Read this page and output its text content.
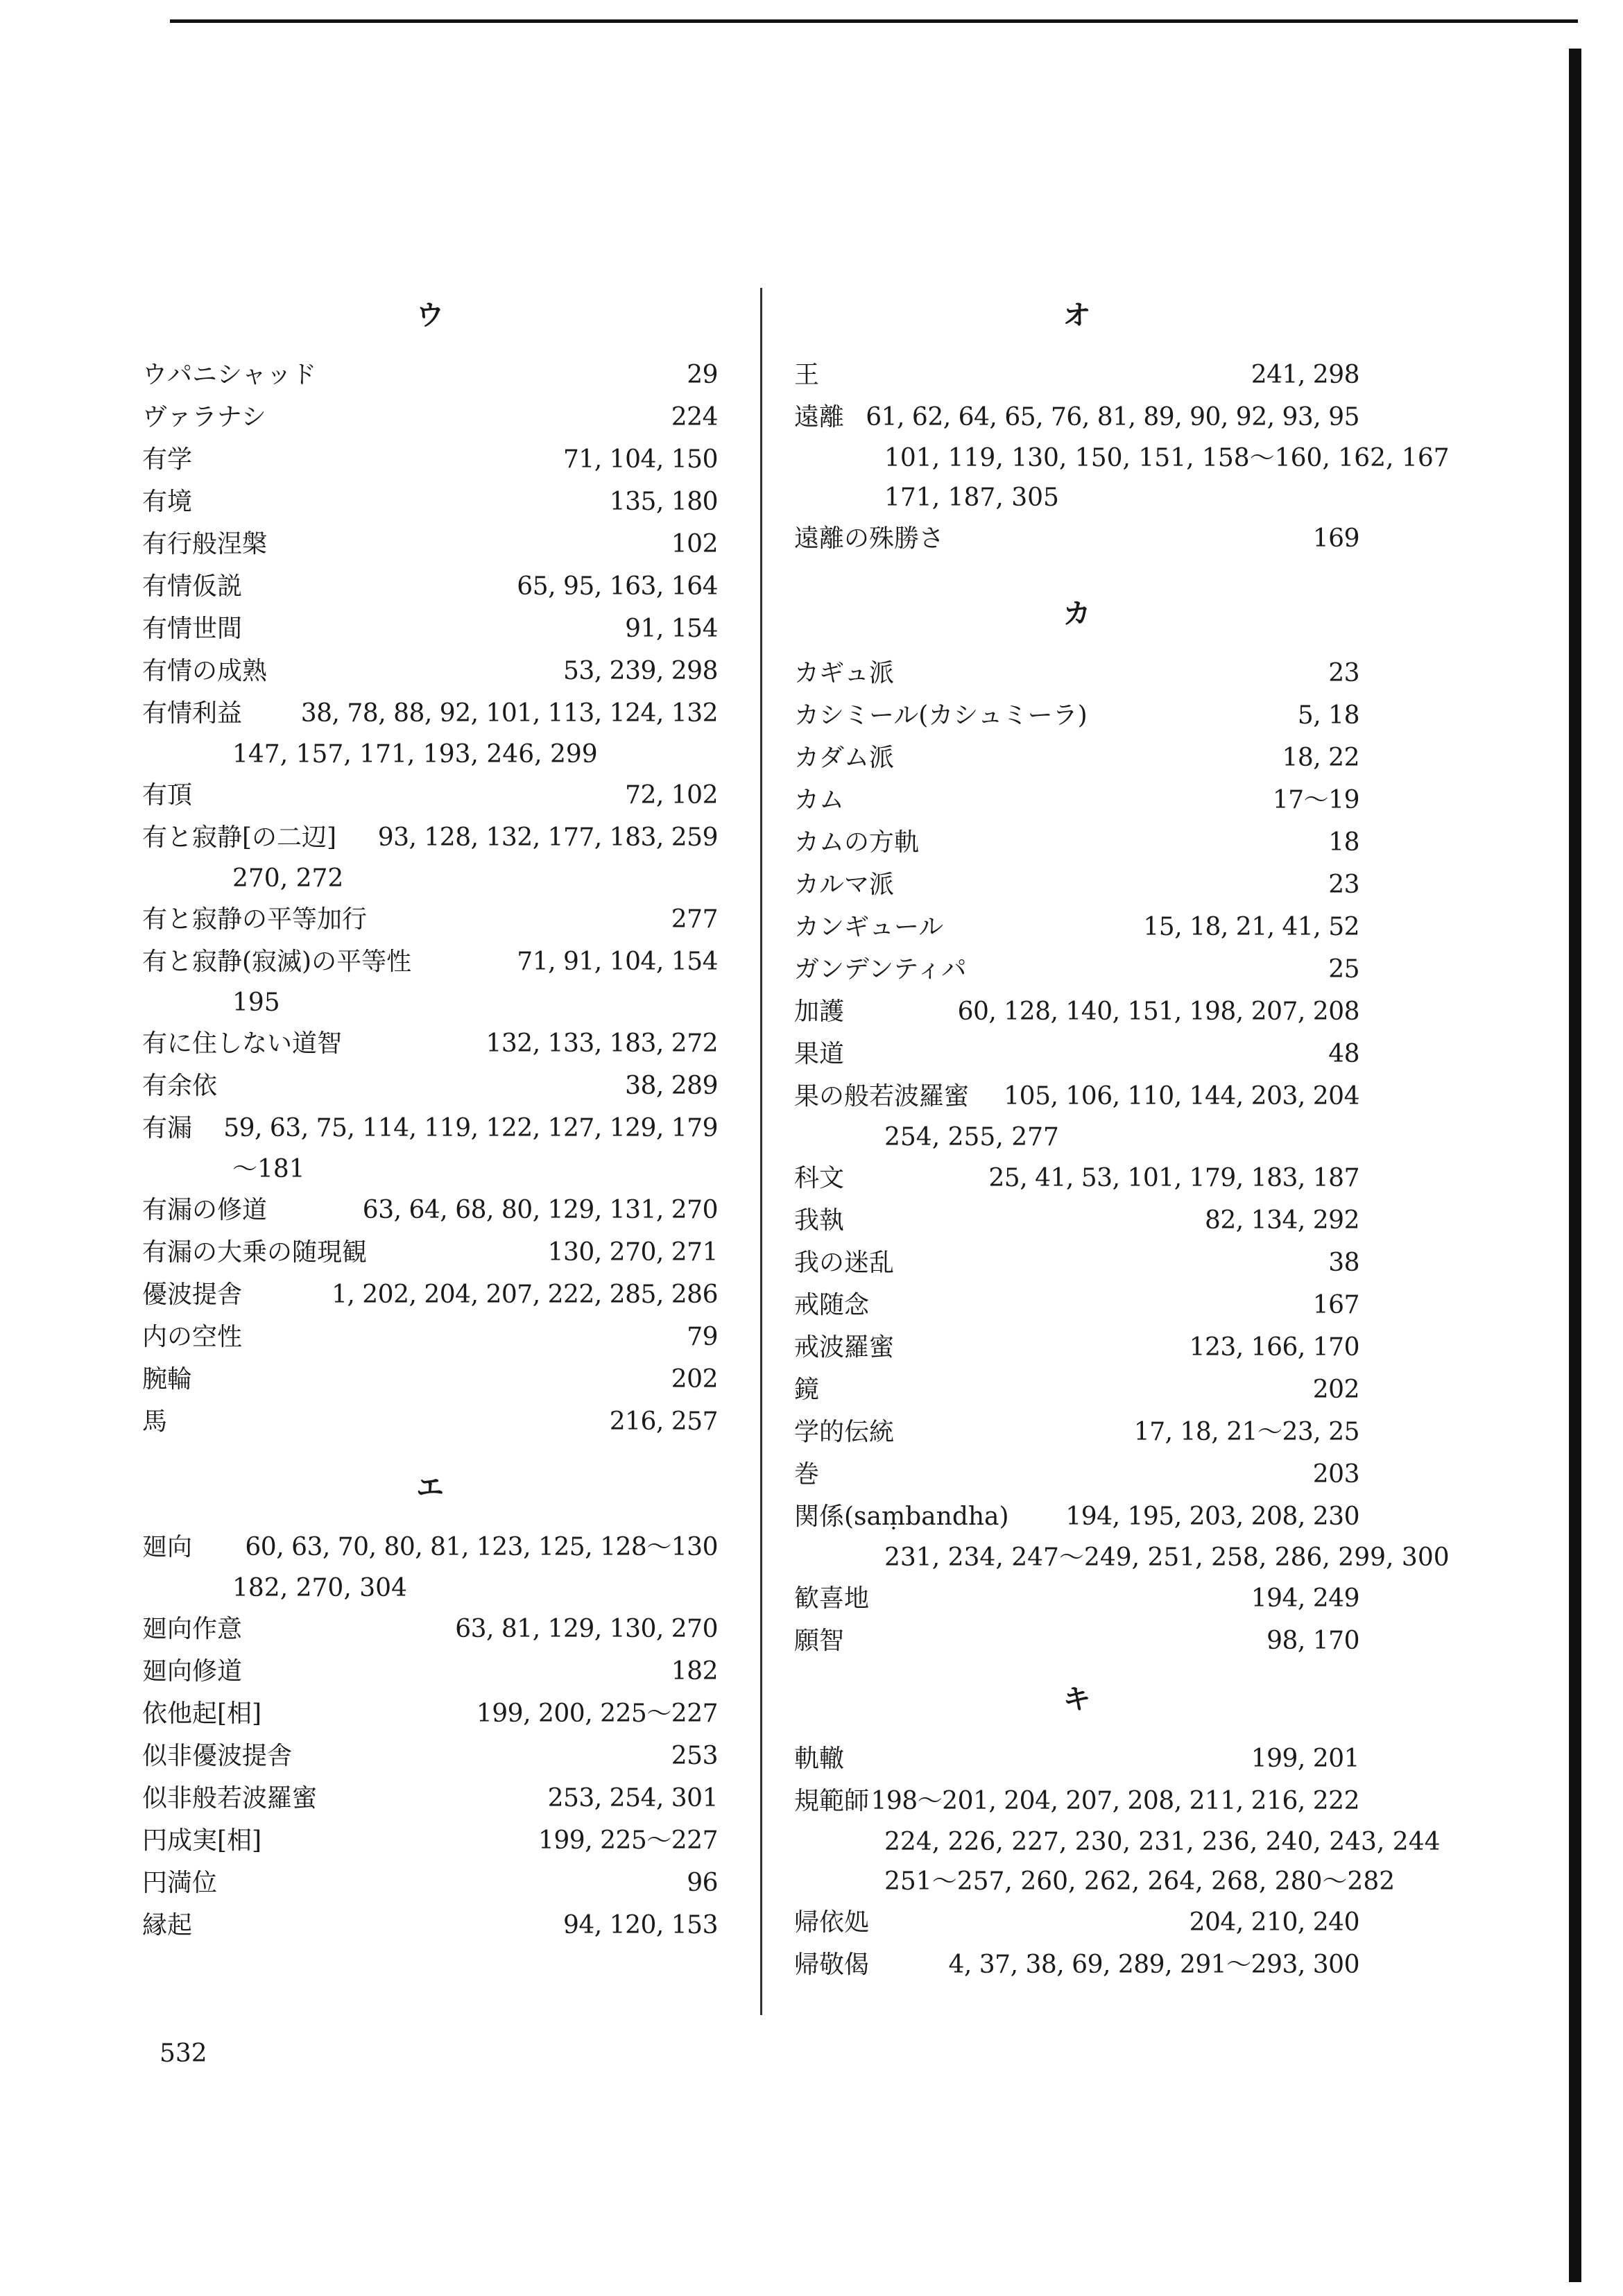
ウ
ウパニシャッド	29
ヴァラナシ	224
有学	71, 104, 150
有境	135, 180
有行般涅槃	102
有情仮説	65, 95, 163, 164
有情世間	91, 154
有情の成熟	53, 239, 298
有情利益 38, 78, 88, 92, 101, 113, 124, 132
147, 157, 171, 193, 246, 299
有頂	72, 102
有と寂静[の二辺] 93, 128, 132, 177, 183, 259
270, 272
有と寂静の平等加行	277
有と寂静(寂滅)の平等性	71, 91, 104, 154
195
有に住しない道智	132, 133, 183, 272
有余依	38, 289
有漏 59, 63, 75, 114, 119, 122, 127, 129, 179
〜181
有漏の修道	63, 64, 68, 80, 129, 131, 270
有漏の大乗の随現観	130, 270, 271
優波提舎	1, 202, 204, 207, 222, 285, 286
内の空性	79
腕輪	202
馬	216, 257
エ
廻向 60, 63, 70, 80, 81, 123, 125, 128〜130
182, 270, 304
廻向作意	63, 81, 129, 130, 270
廻向修道	182
依他起[相]	199, 200, 225〜227
似非優波提舎	253
似非般若波羅蜜	253, 254, 301
円成実[相]	199, 225〜227
円満位	96
縁起	94, 120, 153
オ
王	241, 298
遠離 61, 62, 64, 65, 76, 81, 89, 90, 92, 93, 95
101, 119, 130, 150, 151, 158〜160, 162, 167
171, 187, 305
遠離の殊勝さ	169
カ
カギュ派	23
カシミール(カシュミーラ)	5, 18
カダム派	18, 22
カム	17〜19
カムの方軌	18
カルマ派	23
カンギュール	15, 18, 21, 41, 52
ガンデンティパ	25
加護	60, 128, 140, 151, 198, 207, 208
果道	48
果の般若波羅蜜 105, 106, 110, 144, 203, 204
254, 255, 277
科文	25, 41, 53, 101, 179, 183, 187
我執	82, 134, 292
我の迷乱	38
戒随念	167
戒波羅蜜	123, 166, 170
鏡	202
学的伝統	17, 18, 21〜23, 25
巻	203
関係(saṃbandha) 194, 195, 203, 208, 230
231, 234, 247〜249, 251, 258, 286, 299, 300
歓喜地	194, 249
願智	98, 170
キ
軌轍	199, 201
規範師 198〜201, 204, 207, 208, 211, 216, 222
224, 226, 227, 230, 231, 236, 240, 243, 244
251〜257, 260, 262, 264, 268, 280〜282
帰依処	204, 210, 240
帰敬偈	4, 37, 38, 69, 289, 291〜293, 300
532
